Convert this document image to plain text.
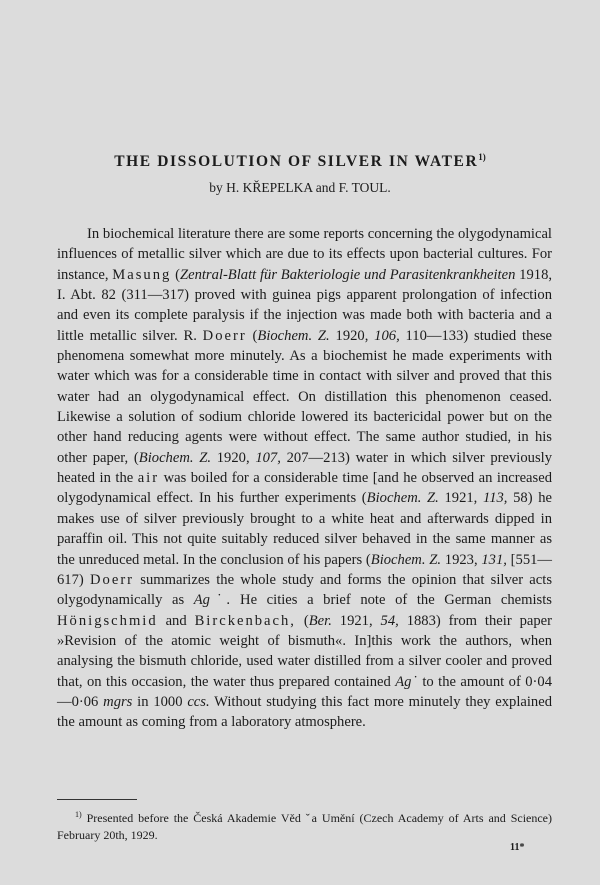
THE DISSOLUTION OF SILVER IN WATER$^{1)}$

by H. KŘEPELKA and F. TOUL.

In biochemical literature there are some reports concerning the olygodynamical influences of metallic silver which are due to its effects upon bacterial cultures. For instance, Masung (Zentral-Blatt für Bakteriologie und Parasitenkrankheiten 1918, I. Abt. 82 (311—317) proved with guinea pigs apparent prolongation of infection and even its complete paralysis if the injection was made both with bacteria and a little metallic silver. R. Doerr (Biochem. Z. 1920, 106, 110—133) studied these phenomena somewhat more minutely. As a biochemist he made experiments with water which was for a considerable time in contact with silver and proved that this water had an olygodynamical effect. On distillation this phenomenon ceased. Likewise a solution of sodium chloride lowered its bactericidal power but on the other hand reducing agents were without effect. The same author studied, in his other paper, (Biochem. Z. 1920, 107, 207—213) water in which silver previously heated in the air was boiled for a considerable time [and he observed an increased olygodynamical effect. In his further experiments (Biochem. Z. 1921, 113, 58) he makes use of silver previously brought to a white heat and afterwards dipped in paraffin oil. This not quite suitably reduced silver behaved in the same manner as the unreduced metal. In the conclusion of his papers (Biochem. Z. 1923, 131, [551—617) Doerr summarizes the whole study and forms the opinion that silver acts olygodynamically as Ag˙. He cities a brief note of the German chemists Hönigschmid and Birckenbach, (Ber. 1921, 54, 1883) from their paper »Revision of the atomic weight of bismuth«. In]this work the authors, when analysing the bismuth chloride, used water distilled from a silver cooler and proved that, on this occasion, the water thus prepared contained Ag˙ to the amount of 0·04—0·06 mgrs in 1000 ccs. Without studying this fact more minutely they explained the amount as coming from a laboratory atmosphere.

$^{1)}$ Presented before the Česká Akademie Věd ˇa Umění (Czech Academy of Arts and Science) February 20th, 1929.

11*
